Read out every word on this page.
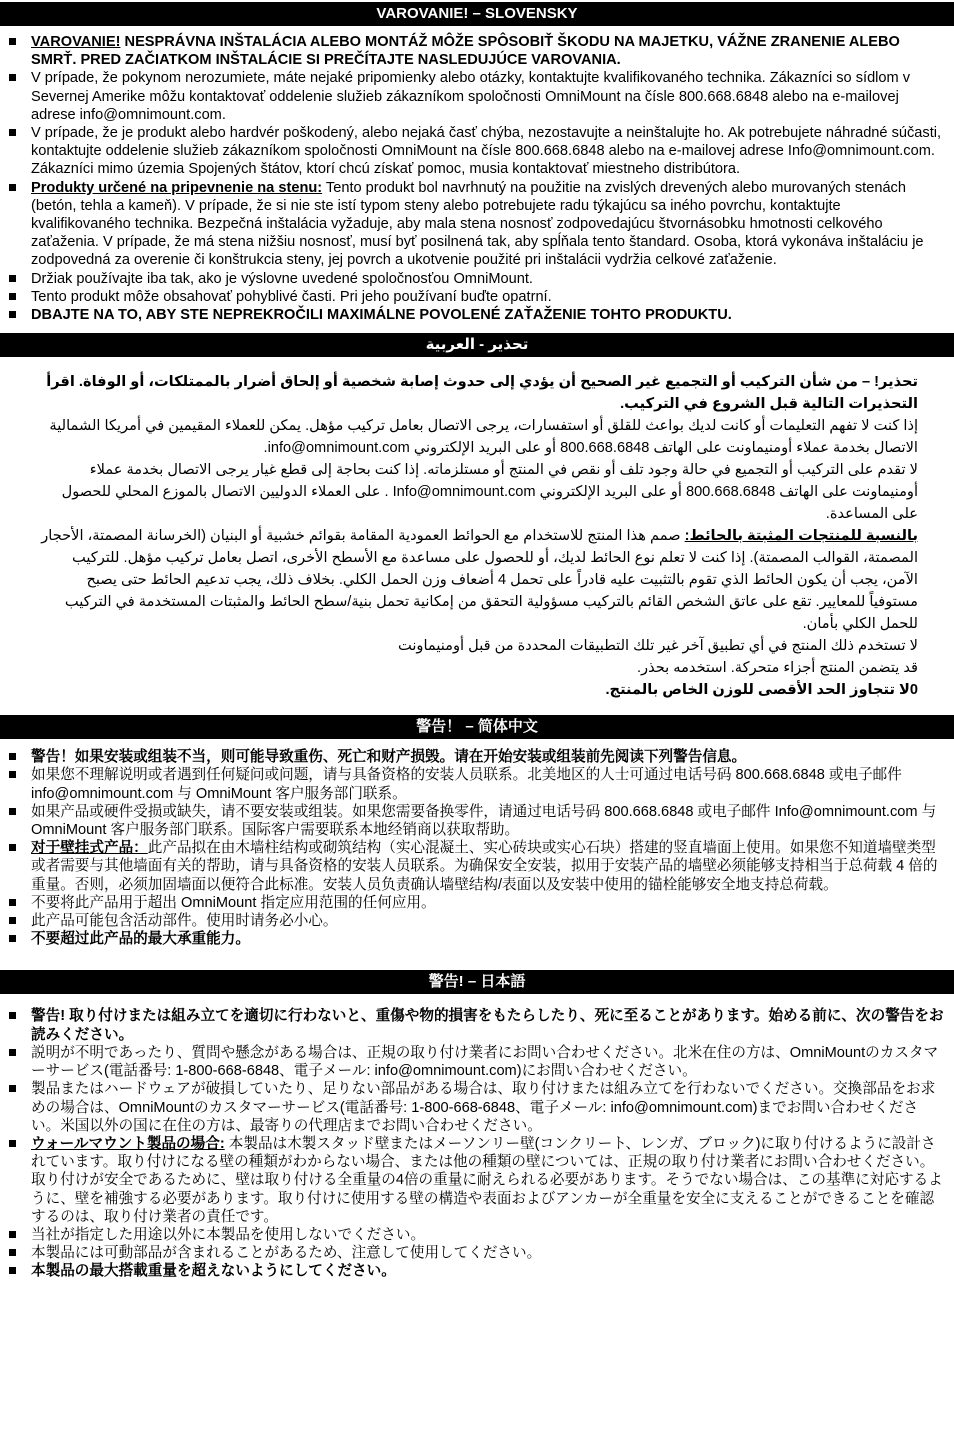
VAROVANIE! – SLOVENSKY
VAROVANIE! NESPRÁVNA INŠTALÁCIA ALEBO MONTÁŽ MÔŽE SPÔSOBIŤ ŠKODU NA MAJETKU, VÁŽNE ZRANENIE ALEBO SMRŤ. PRED ZAČIATKOM INŠTALÁCIE SI PREČÍTAJTE NASLEDUJÚCE VAROVANIA.
V prípade, že pokynom nerozumiete, máte nejaké pripomienky alebo otázky, kontaktujte kvalifikovaného technika. Zákazníci so sídlom v Severnej Amerike môžu kontaktovať oddelenie služieb zákazníkom spoločnosti OmniMount na čísle 800.668.6848 alebo na e-mailovej adrese info@omnimount.com.
V prípade, že je produkt alebo hardvér poškodený, alebo nejaká časť chýba, nezostavujte a neinštalujte ho. Ak potrebujete náhradné súčasti, kontaktujte oddelenie služieb zákazníkom spoločnosti OmniMount na čísle 800.668.6848 alebo na e-mailovej adrese Info@omnimount.com. Zákazníci mimo územia Spojených štátov, ktorí chcú získať pomoc, musia kontaktovať miestneho distribútora.
Produkty určené na pripevnenie na stenu: Tento produkt bol navrhnutý na použitie na zvislých drevených alebo murovaných stenách (betón, tehla a kameň). V prípade, že si nie ste istí typom steny alebo potrebujete radu týkajúcu sa iného povrchu, kontaktujte kvalifikovaného technika. Bezpečná inštalácia vyžaduje, aby mala stena nosnosť zodpovedajúcu štvornásobku hmotnosti celkového zaťaženia. V prípade, že má stena nižšiu nosnosť, musí byť posilnená tak, aby spĺňala tento štandard. Osoba, ktorá vykonáva inštaláciu je zodpovedná za overenie či konštrukcia steny, jej povrch a ukotvenie použité pri inštalácii vydržia celkové zaťaženie.
Držiak používajte iba tak, ako je výslovne uvedené spoločnosťou OmniMount.
Tento produkt môže obsahovať pohyblivé časti. Pri jeho používaní buďte opatrní.
DBAJTE NA TO, ABY STE NEPREKROČILI MAXIMÁLNE POVOLENÉ ZAŤAŽENIE TOHTO PRODUKTU.
تحذير - العربية

تحذير! – من شأن التركيب أو التجميع غير الصحيح أن يؤدي إلى حدوث إصابة شخصية أو إلحاق أضرار بالممتلكات، أو الوفاة. اقرأ التحذيرات التالية قبل الشروع في التركيب.

إذا كنت لا تفهم التعليمات أو كانت لديك بواعث للقلق أو استفسارات، يرجى الاتصال بعامل تركيب مؤهل. يمكن للعملاء المقيمين في أمريكا الشمالية الاتصال بخدمة عملاء أومنيماونت على الهاتف 800.668.6848 أو على البريد الإلكتروني info@omnimount.com.

لا تقدم على التركيب أو التجميع في حالة وجود تلف أو نقص في المنتج أو مستلزماته. إذا كنت بحاجة إلى قطع غيار يرجى الاتصال بخدمة عملاء أومنيماونت على الهاتف 800.668.6848 أو على البريد الإلكتروني Info@omnimount.com . على العملاء الدوليين الاتصال بالموزع المحلي للحصول على المساعدة.

بالنسبة للمنتجات المثبتة بالحائط: صمم هذا المنتج للاستخدام مع الحوائط العمودية المقامة بقوائم خشبية أو البنيان (الخرسانة المصمتة، الأحجار المصمتة، القوالب المصمتة). إذا كنت لا تعلم نوع الحائط لديك، أو للحصول على مساعدة مع الأسطح الأخرى، اتصل بعامل تركيب مؤهل. للتركيب الآمن، يجب أن يكون الحائط الذي تقوم بالتثبيت عليه قادراً على تحمل 4 أضعاف وزن الحمل الكلي. بخلاف ذلك، يجب تدعيم الحائط حتى يصبح مستوفياً للمعايير. تقع على عاتق الشخص القائم بالتركيب مسؤولية التحقق من إمكانية تحمل بنية/سطح الحائط والمثبتات المستخدمة في التركيب للحمل الكلي بأمان.

لا تستخدم ذلك المنتج في أي تطبيق آخر غير تلك التطبيقات المحددة من قبل أومنيماونت

قد يتضمن المنتج أجزاء متحركة. استخدمه بحذر.

0لا تتجاوز الحد الأقصى للوزن الخاص بالمنتج.

警告！ – 简体中文
警告！如果安装或组装不当，则可能导致重伤、死亡和财产损毁。请在开始安装或组装前先阅读下列警告信息。
如果您不理解说明或者遇到任何疑问或问题，请与具备资格的安装人员联系。北美地区的人士可通过电话号码 800.668.6848 或电子邮件 info@omnimount.com 与 OmniMount 客户服务部门联系。
如果产品或硬件受损或缺失，请不要安装或组装。如果您需要备换零件，请通过电话号码 800.668.6848 或电子邮件 Info@omnimount.com 与 OmniMount 客户服务部门联系。国际客户需要联系本地经销商以获取帮助。
对于壁挂式产品：此产品拟在由木墙柱结构或砌筑结构（实心混凝土、实心砖块或实心石块）搭建的竖直墙面上使用。如果您不知道墙壁类型或者需要与其他墙面有关的帮助，请与具备资格的安装人员联系。为确保安全安装，拟用于安装产品的墙壁必须能够支持相当于总荷载 4 倍的重量。否则，必须加固墙面以便符合此标准。安装人员负责确认墙壁结构/表面以及安装中使用的锚栓能够安全地支持总荷载。
不要将此产品用于超出 OmniMount 指定应用范围的任何应用。
此产品可能包含活动部件。使用时请务必小心。
不要超过此产品的最大承重能力。
警告! – 日本語
警告! 取り付けまたは組み立てを適切に行わないと、重傷や物的損害をもたらしたり、死に至ることがあります。始める前に、次の警告をお読みください。
説明が不明であったり、質問や懸念がある場合は、正規の取り付け業者にお問い合わせください。北米在住の方は、OmniMountのカスタマーサービス(電話番号: 1-800-668-6848、電子メール: info@omnimount.com)にお問い合わせください。
製品またはハードウェアが破損していたり、足りない部品がある場合は、取り付けまたは組み立てを行わないでください。交換部品をお求めの場合は、OmniMountのカスタマーサービス(電話番号: 1-800-668-6848、電子メール: info@omnimount.com)までお問い合わせください。米国以外の国に在住の方は、最寄りの代理店までお問い合わせください。
ウォールマウント製品の場合: 本製品は木製スタッド壁またはメーソンリー壁(コンクリート、レンガ、ブロック)に取り付けるように設計されています。取り付けになる壁の種類がわからない場合、または他の種類の壁については、正規の取り付け業者にお問い合わせください。取り付けが安全であるために、壁は取り付ける全重量の4倍の重量に耐えられる必要があります。そうでない場合は、この基準に対応するように、壁を補強する必要があります。取り付けに使用する壁の構造や表面およびアンカーが全重量を安全に支えることができることを確認するのは、取り付け業者の責任です。
当社が指定した用途以外に本製品を使用しないでください。
本製品には可動部品が含まれることがあるため、注意して使用してください。
本製品の最大搭載重量を超えないようにしてください。
